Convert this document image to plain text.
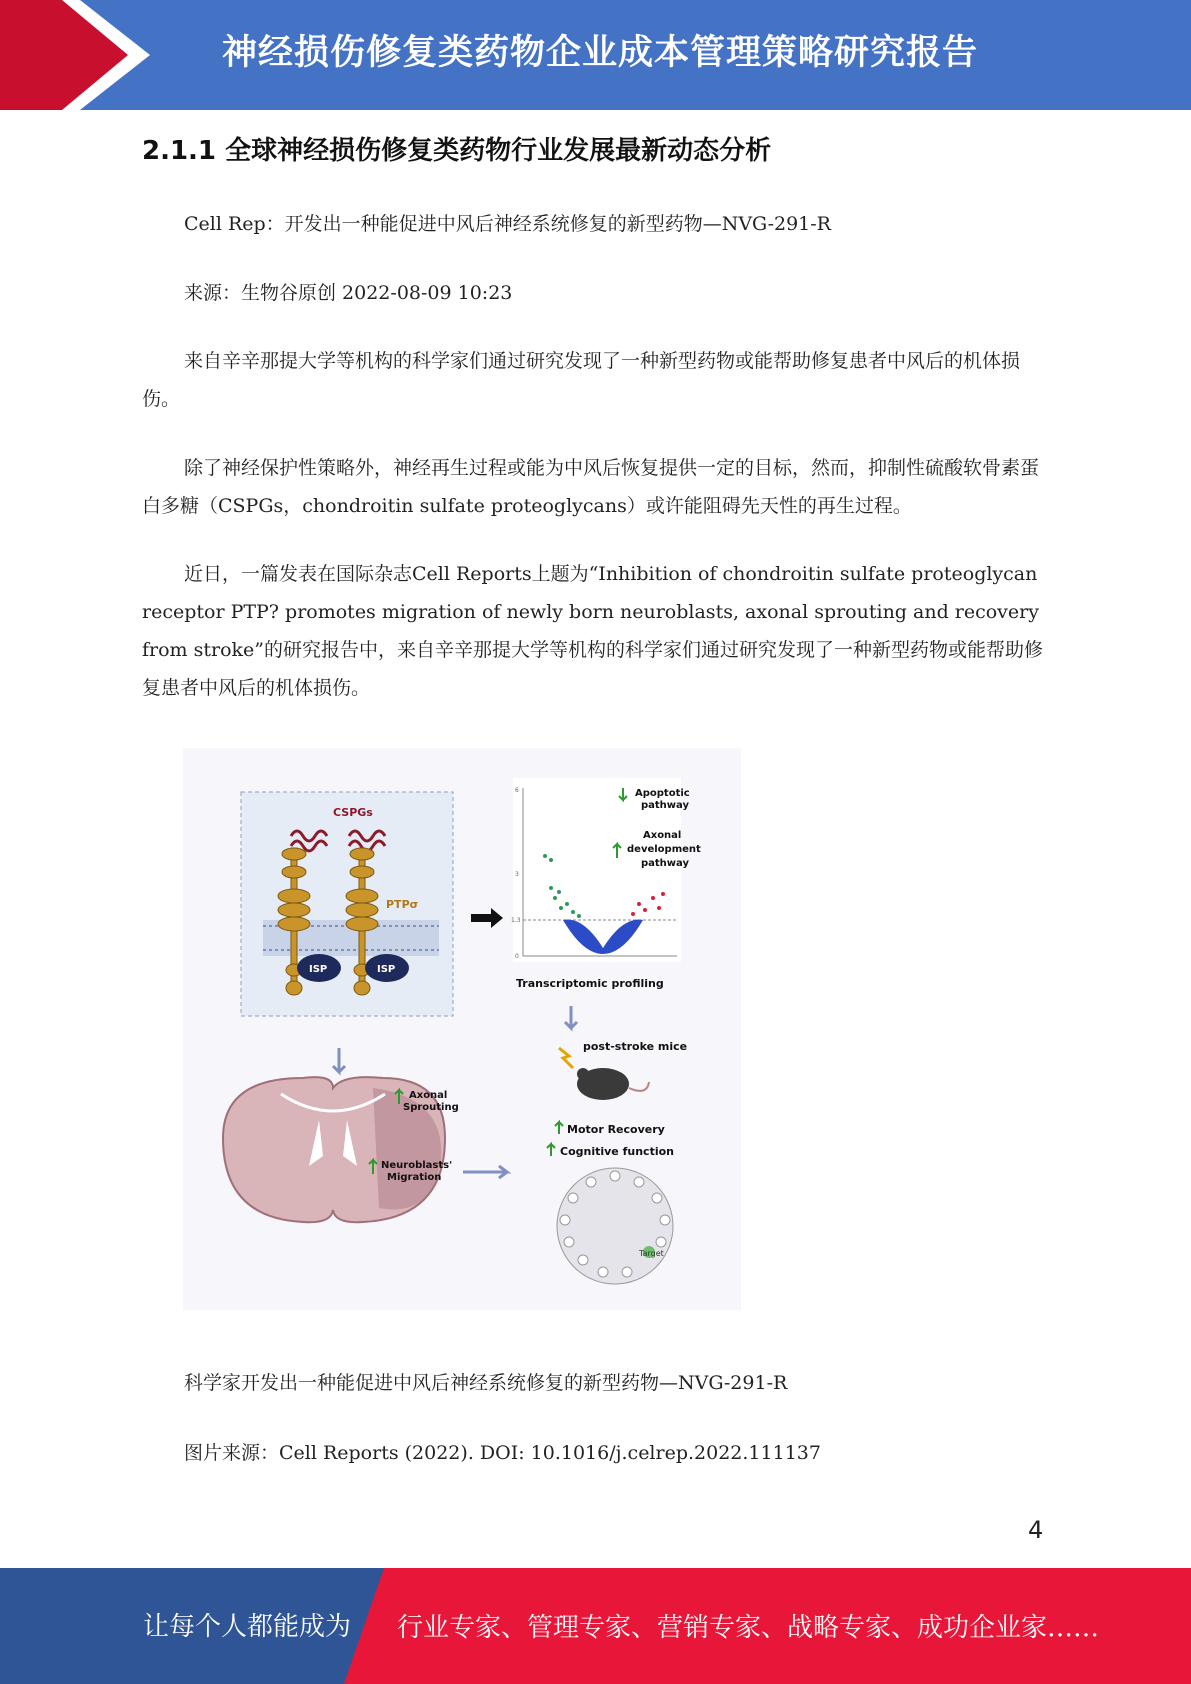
神经损伤修复类药物企业成本管理策略研究报告
2.1.1 全球神经损伤修复类药物行业发展最新动态分析

Cell Rep：开发出一种能促进中风后神经系统修复的新型药物—NVG-291-R

来源：生物谷原创 2022-08-09 10:23

来自辛辛那提大学等机构的科学家们通过研究发现了一种新型药物或能帮助修复患者中风后的机体损伤。

除了神经保护性策略外，神经再生过程或能为中风后恢复提供一定的目标，然而，抑制性硫酸软骨素蛋白多糖（CSPGs，chondroitin sulfate proteoglycans）或许能阻碍先天性的再生过程。

近日，一篇发表在国际杂志Cell Reports上题为“Inhibition of chondroitin sulfate proteoglycan receptor PTP? promotes migration of newly born neuroblasts, axonal sprouting and recovery from stroke”的研究报告中，来自辛辛那提大学等机构的科学家们通过研究发现了一种新型药物或能帮助修复患者中风后的机体损伤。

CSPGs
PTPσ
ISP	ISP
6
3
1.3
0
Apoptotic
pathway
Axonal
development
pathway
Transcriptomic profiling
post-stroke mice
Motor Recovery
Cognitive function
Target
Axonal
Sprouting
Neuroblasts'
Migration
科学家开发出一种能促进中风后神经系统修复的新型药物—NVG-291-R
图片来源：Cell Reports (2022). DOI: 10.1016/j.celrep.2022.111137
4
让每个人都能成为 行业专家、管理专家、营销专家、战略专家、成功企业家……
